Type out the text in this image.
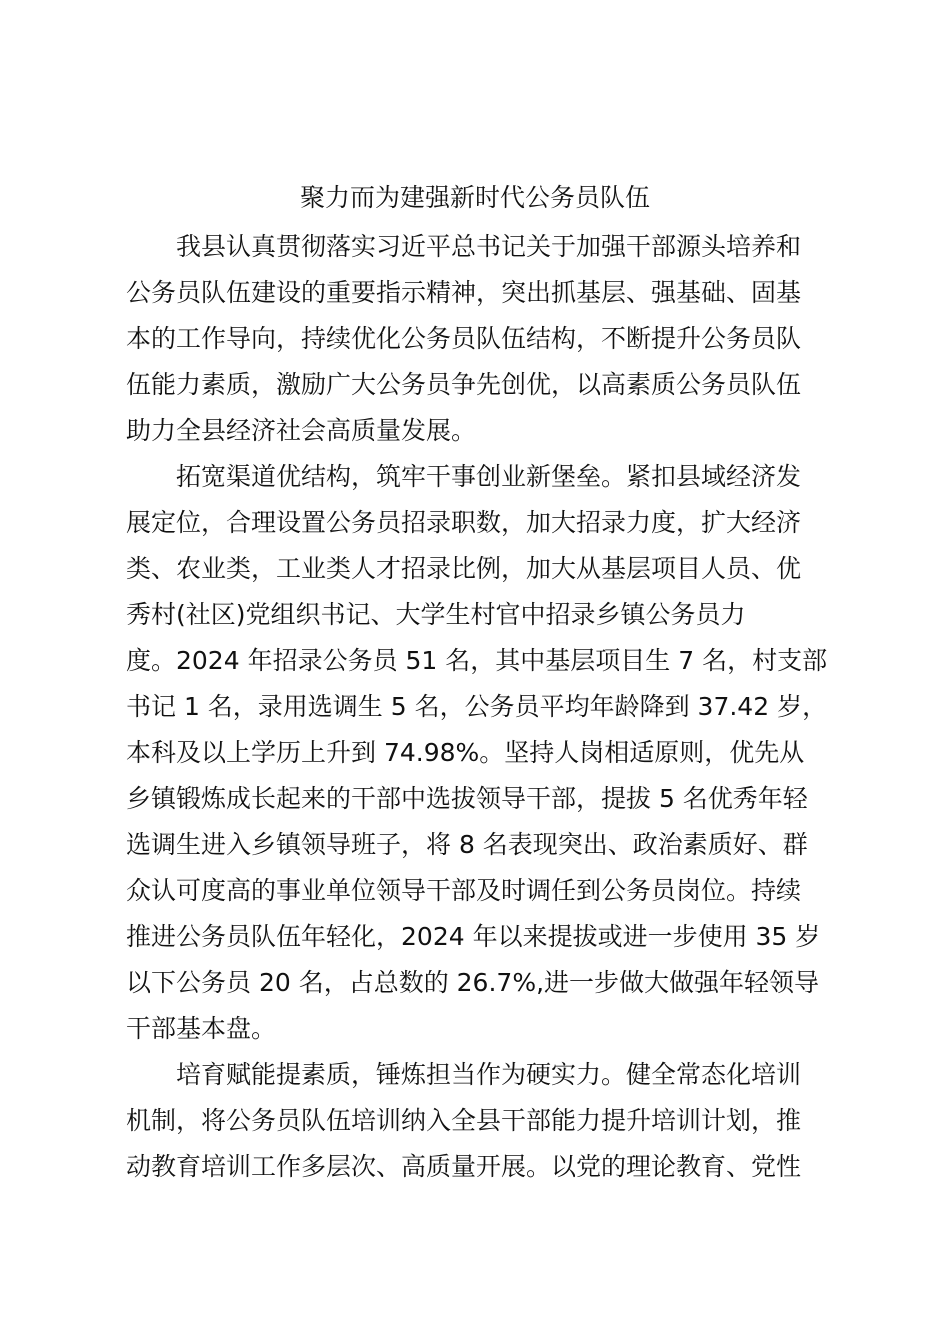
聚力而为建强新时代公务员队伍

我县认真贯彻落实习近平总书记关于加强干部源头培养和

公务员队伍建设的重要指示精神，突出抓基层、强基础、固基

本的工作导向，持续优化公务员队伍结构，不断提升公务员队

伍能力素质，激励广大公务员争先创优，以高素质公务员队伍

助力全县经济社会高质量发展。

拓宽渠道优结构，筑牢干事创业新堡垒。紧扣县域经济发

展定位，合理设置公务员招录职数，加大招录力度，扩大经济

类、农业类，工业类人才招录比例，加大从基层项目人员、优

秀村(社区)党组织书记、大学生村官中招录乡镇公务员力

度。2024 年招录公务员 51 名，其中基层项目生 7 名，村支部

书记 1 名，录用选调生 5 名，公务员平均年龄降到 37.42 岁，

本科及以上学历上升到 74.98%。坚持人岗相适原则，优先从

乡镇锻炼成长起来的干部中选拔领导干部，提拔 5 名优秀年轻

选调生进入乡镇领导班子，将 8 名表现突出、政治素质好、群

众认可度高的事业单位领导干部及时调任到公务员岗位。持续

推进公务员队伍年轻化，2024 年以来提拔或进一步使用 35 岁

以下公务员 20 名，占总数的 26.7%,进一步做大做强年轻领导

干部基本盘。

培育赋能提素质，锤炼担当作为硬实力。健全常态化培训

机制，将公务员队伍培训纳入全县干部能力提升培训计划，推

动教育培训工作多层次、高质量开展。以党的理论教育、党性
